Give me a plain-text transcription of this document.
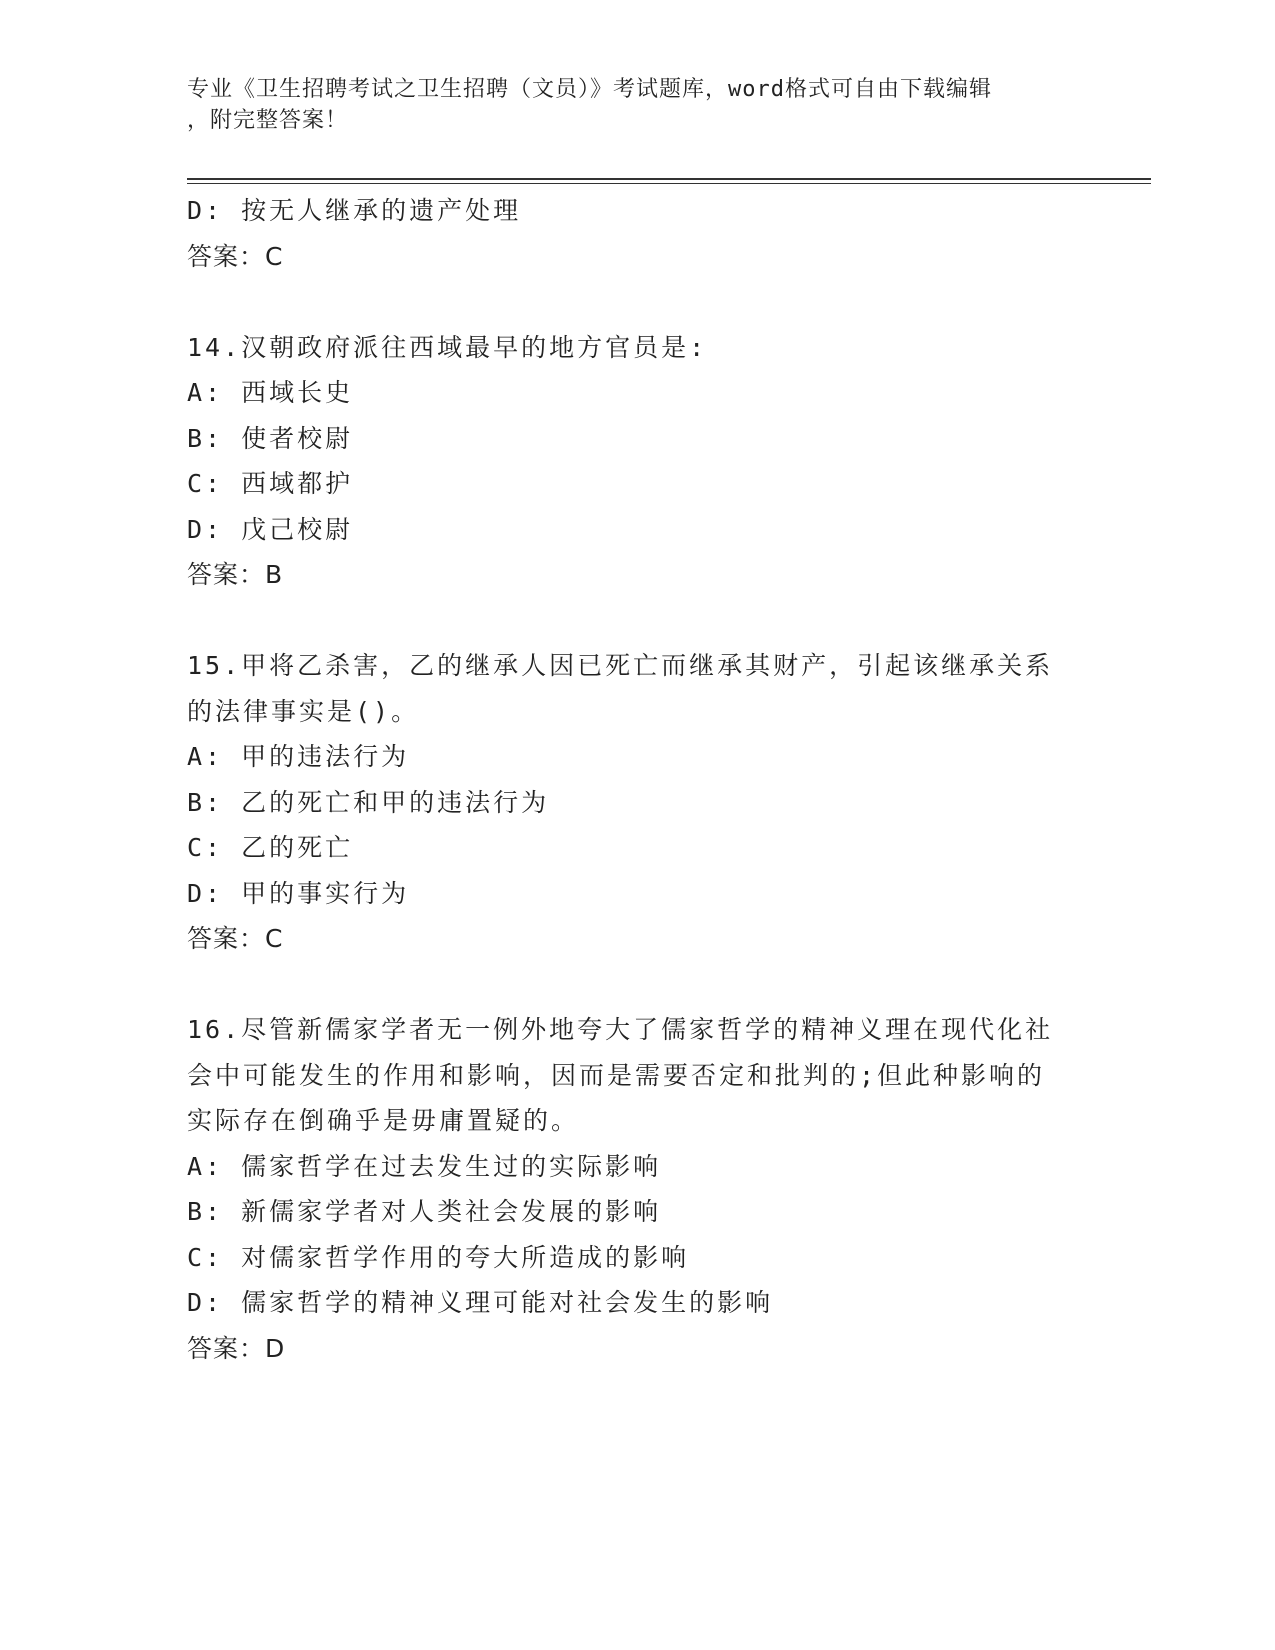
专业《卫生招聘考试之卫生招聘（文员）》考试题库，word格式可自由下载编辑
，附完整答案！
D: 按无人继承的遗产处理
答案：C
14.汉朝政府派往西域最早的地方官员是:
A: 西域长史
B: 使者校尉
C: 西域都护
D: 戊己校尉
答案：B
15.甲将乙杀害，乙的继承人因已死亡而继承其财产，引起该继承关系
的法律事实是()。
A: 甲的违法行为
B: 乙的死亡和甲的违法行为
C: 乙的死亡
D: 甲的事实行为
答案：C
16.尽管新儒家学者无一例外地夸大了儒家哲学的精神义理在现代化社
会中可能发生的作用和影响，因而是需要否定和批判的;但此种影响的
实际存在倒确乎是毋庸置疑的。
A: 儒家哲学在过去发生过的实际影响
B: 新儒家学者对人类社会发展的影响
C: 对儒家哲学作用的夸大所造成的影响
D: 儒家哲学的精神义理可能对社会发生的影响
答案：D
